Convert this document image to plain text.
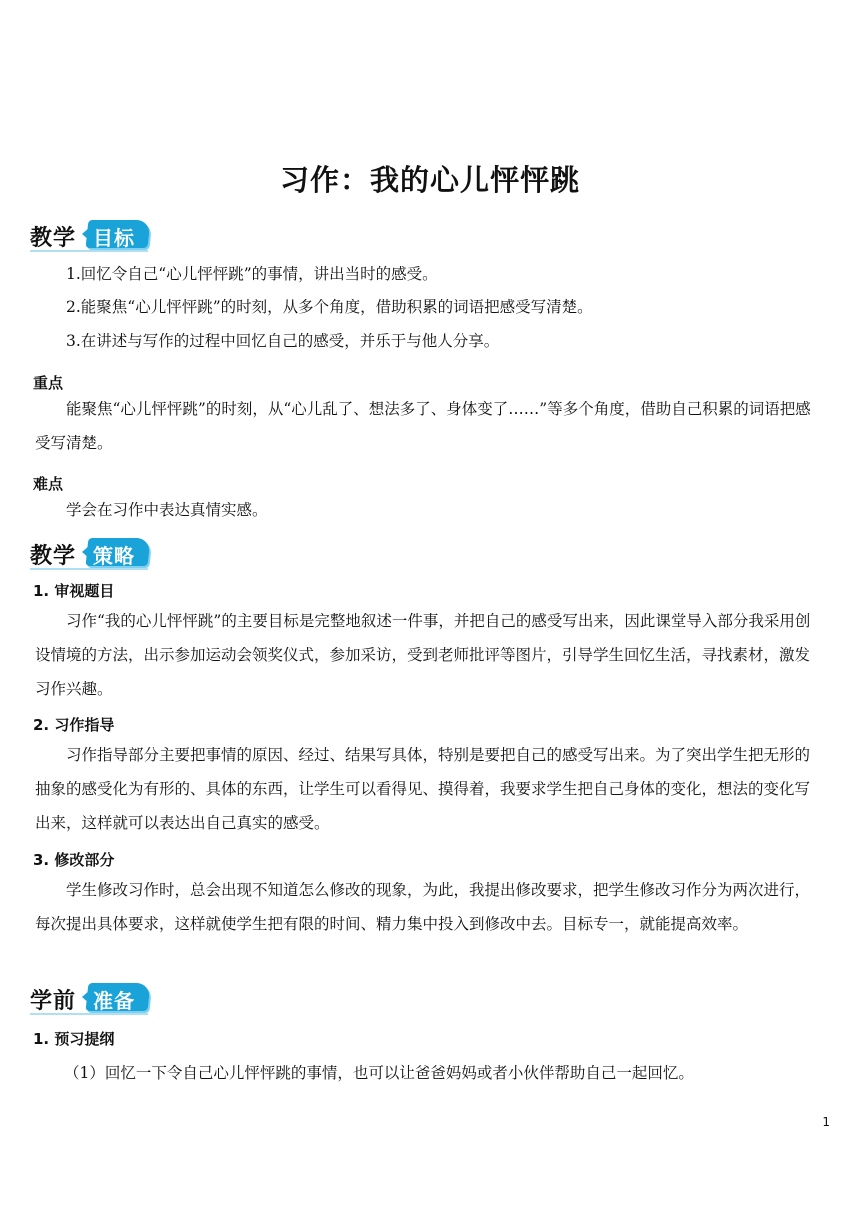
习作：我的心儿怦怦跳
教学 目标
1.回忆令自己“心儿怦怦跳”的事情，讲出当时的感受。
2.能聚焦“心儿怦怦跳”的时刻，从多个角度，借助积累的词语把感受写清楚。
3.在讲述与写作的过程中回忆自己的感受，并乐于与他人分享。
重点
能聚焦“心儿怦怦跳”的时刻，从“心儿乱了、想法多了、身体变了……”等多个角度，借助自己积累的词语把感受写清楚。
难点
学会在习作中表达真情实感。
教学 策略
1. 审视题目
习作“我的心儿怦怦跳”的主要目标是完整地叙述一件事，并把自己的感受写出来，因此课堂导入部分我采用创设情境的方法，出示参加运动会领奖仪式，参加采访，受到老师批评等图片，引导学生回忆生活，寻找素材，激发习作兴趣。
2. 习作指导
习作指导部分主要把事情的原因、经过、结果写具体，特别是要把自己的感受写出来。为了突出学生把无形的抽象的感受化为有形的、具体的东西，让学生可以看得见、摸得着，我要求学生把自己身体的变化，想法的变化写出来，这样就可以表达出自己真实的感受。
3. 修改部分
学生修改习作时，总会出现不知道怎么修改的现象，为此，我提出修改要求，把学生修改习作分为两次进行，每次提出具体要求，这样就使学生把有限的时间、精力集中投入到修改中去。目标专一，就能提高效率。
学前 准备
1. 预习提纲
（1）回忆一下令自己心儿怦怦跳的事情，也可以让爸爸妈妈或者小伙伴帮助自己一起回忆。
1
